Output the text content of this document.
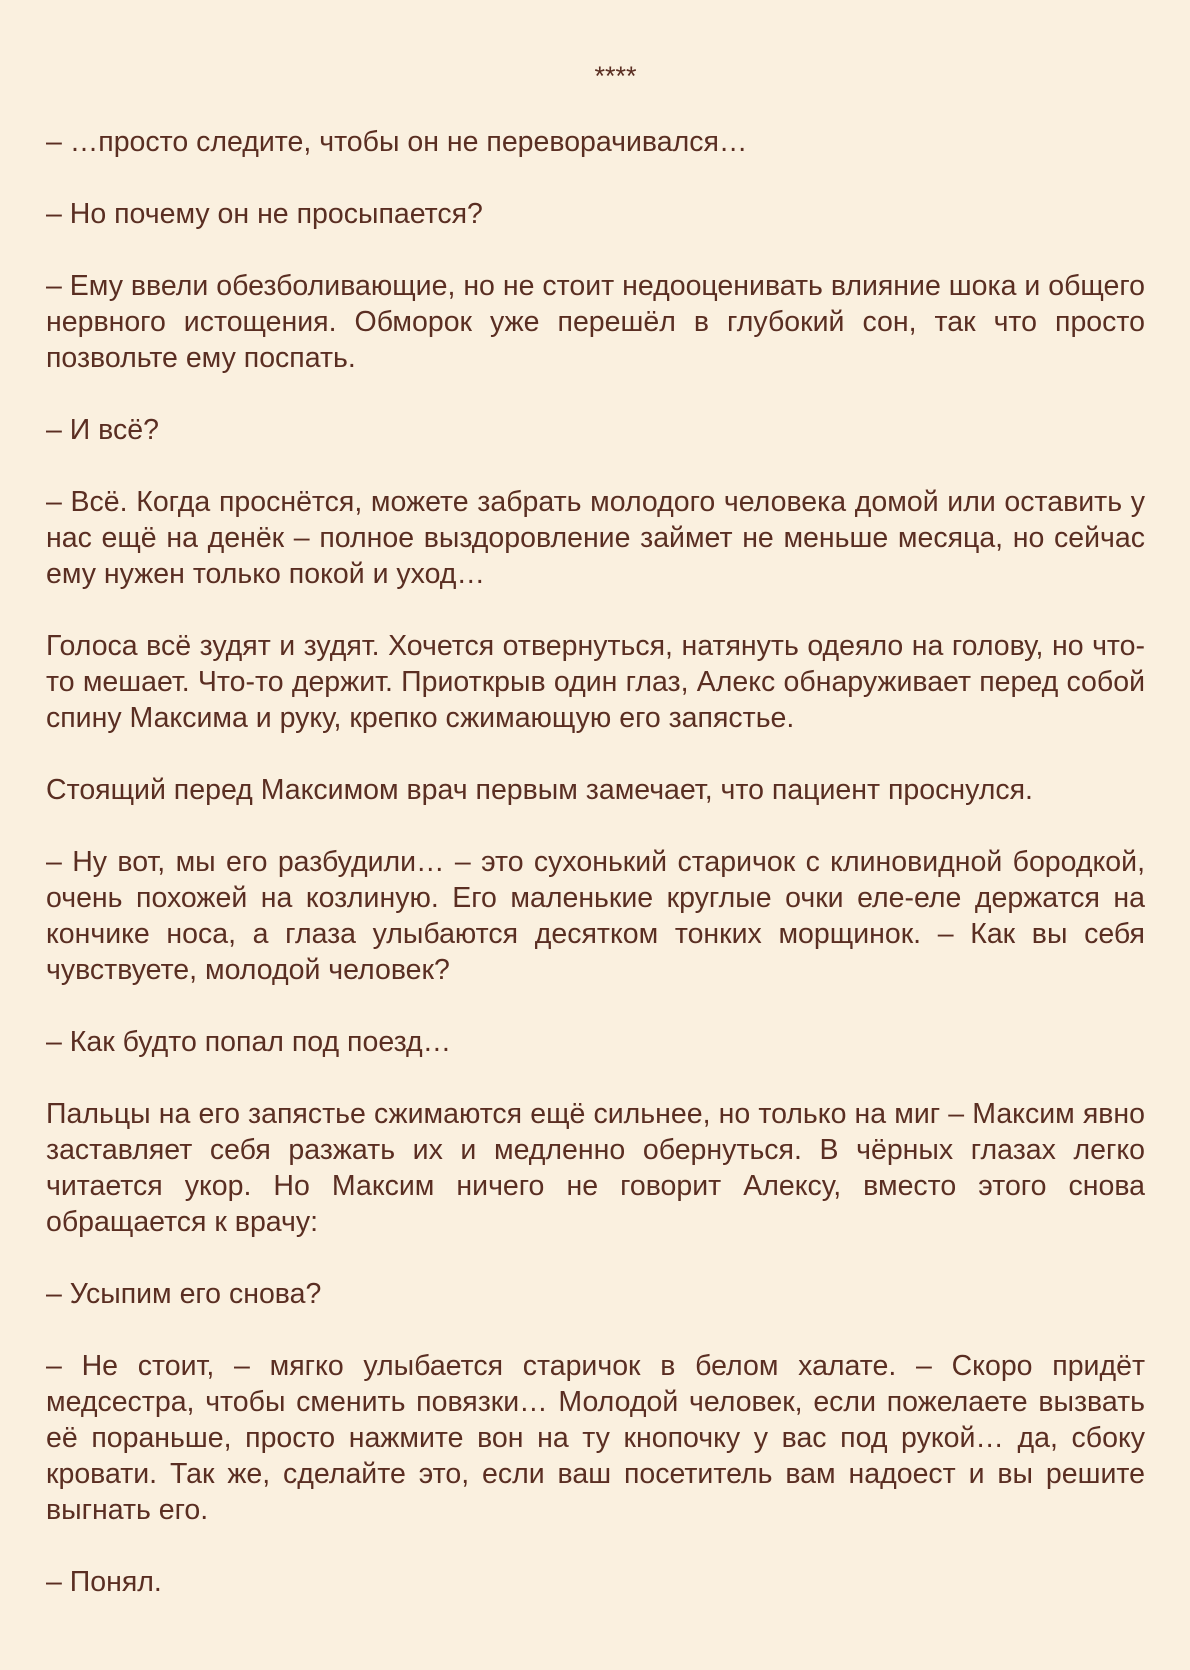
****

– …просто следите, чтобы он не переворачивался…

– Но почему он не просыпается?

– Ему ввели обезболивающие, но не стоит недооценивать влияние шока и общего нервного истощения. Обморок уже перешёл в глубокий сон, так что просто позвольте ему поспать.

– И всё?

– Всё. Когда проснётся, можете забрать молодого человека домой или оставить у нас ещё на денёк – полное выздоровление займет не меньше месяца, но сейчас ему нужен только покой и уход…

Голоса всё зудят и зудят. Хочется отвернуться, натянуть одеяло на голову, но что-то мешает. Что-то держит. Приоткрыв один глаз, Алекс обнаруживает перед собой спину Максима и руку, крепко сжимающую его запястье.

Стоящий перед Максимом врач первым замечает, что пациент проснулся.

– Ну вот, мы его разбудили… – это сухонький старичок с клиновидной бородкой, очень похожей на козлиную. Его маленькие круглые очки еле-еле держатся на кончике носа, а глаза улыбаются десятком тонких морщинок. – Как вы себя чувствуете, молодой человек?

– Как будто попал под поезд…

Пальцы на его запястье сжимаются ещё сильнее, но только на миг – Максим явно заставляет себя разжать их и медленно обернуться. В чёрных глазах легко читается укор. Но Максим ничего не говорит Алексу, вместо этого снова обращается к врачу:

– Усыпим его снова?

– Не стоит, – мягко улыбается старичок в белом халате. – Скоро придёт медсестра, чтобы сменить повязки… Молодой человек, если пожелаете вызвать её пораньше, просто нажмите вон на ту кнопочку у вас под рукой… да, сбоку кровати. Так же, сделайте это, если ваш посетитель вам надоест и вы решите выгнать его.

– Понял.
